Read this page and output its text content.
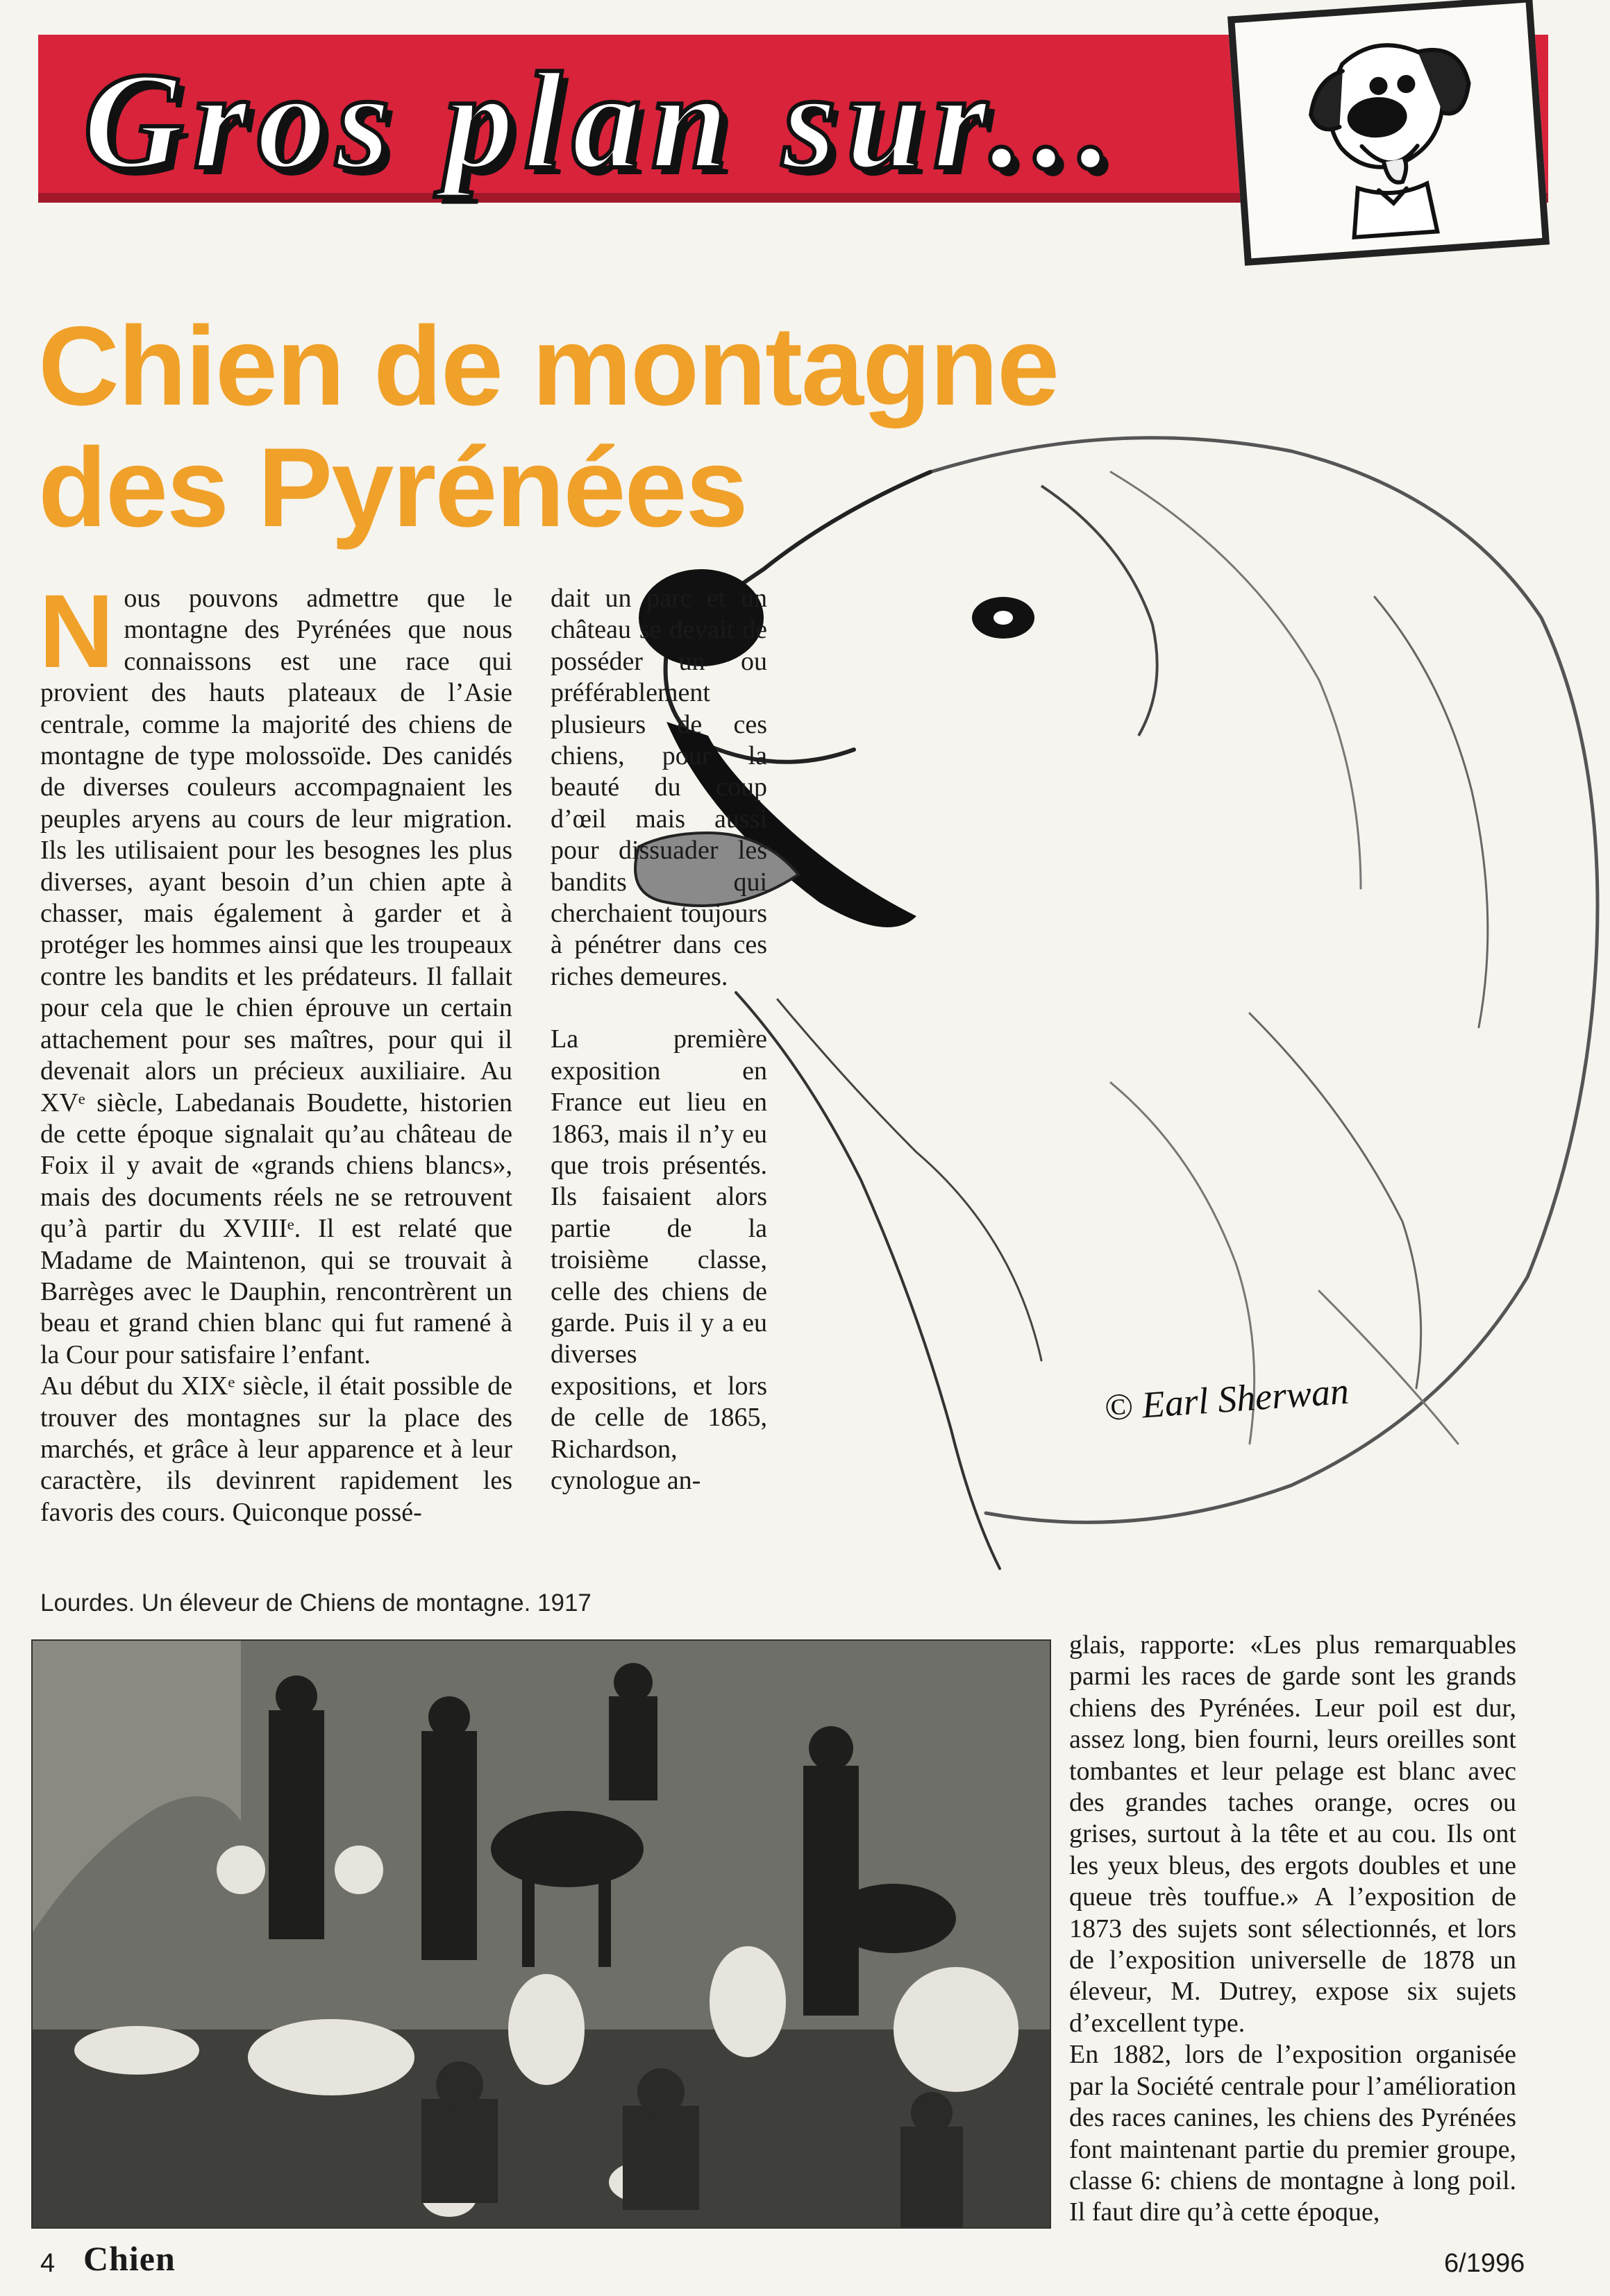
Gros plan sur...
Chien de montagne
des Pyrénées
© Earl Sherwan
N ous pouvons admettre que le montagne des Pyrénées que nous connaissons est une race qui provient des hauts plateaux de l’Asie centrale, comme la majorité des chiens de montagne de type molossoïde. Des canidés de diverses couleurs accompagnaient les peuples aryens au cours de leur migration. Ils les utilisaient pour les besognes les plus diverses, ayant besoin d’un chien apte à chasser, mais également à garder et à protéger les hommes ainsi que les troupeaux contre les bandits et les prédateurs. Il fallait pour cela que le chien éprouve un certain attachement pour ses maîtres, pour qui il devenait alors un précieux auxiliaire. Au XVᵉ siècle, Labedanais Boudette, historien de cette époque signalait qu’au château de Foix il y avait de «grands chiens blancs», mais des documents réels ne se retrouvent qu’à partir du XVIIIᵉ. Il est relaté que Madame de Maintenon, qui se trouvait à Barrèges avec le Dauphin, rencontrèrent un beau et grand chien blanc qui fut ramené à la Cour pour satisfaire l’enfant.

Au début du XIXᵉ siècle, il était possible de trouver des montagnes sur la place des marchés, et grâce à leur apparence et à leur caractère, ils devinrent rapidement les favoris des cours. Quiconque possé-

dait un parc et un château se devait de posséder un ou préférablement plusieurs de ces chiens, pour la beauté du coup d’œil mais aussi pour dissuader les bandits qui cherchaient toujours à pénétrer dans ces riches demeures.

La première exposition en France eut lieu en 1863, mais il n’y eu que trois présentés. Ils faisaient alors partie de la troisième classe, celle des chiens de garde. Puis il y a eu diverses expositions, et lors de celle de 1865, Richardson, cynologue an-

Lourdes. Un éleveur de Chiens de montagne. 1917

glais, rapporte: «Les plus remarquables parmi les races de garde sont les grands chiens des Pyrénées. Leur poil est dur, assez long, bien fourni, leurs oreilles sont tombantes et leur pelage est blanc avec des grandes taches orange, ocres ou grises, surtout à la tête et au cou. Ils ont les yeux bleus, des ergots doubles et une queue très touffue.» A l’exposition de 1873 des sujets sont sélectionnés, et lors de l’exposition universelle de 1878 un éleveur, M. Dutrey, expose six sujets d’excellent type.

En 1882, lors de l’exposition organisée par la Société centrale pour l’amélioration des races canines, les chiens des Pyrénées font maintenant partie du premier groupe, classe 6: chiens de montagne à long poil. Il faut dire qu’à cette époque,

4 Chien	6/1996
